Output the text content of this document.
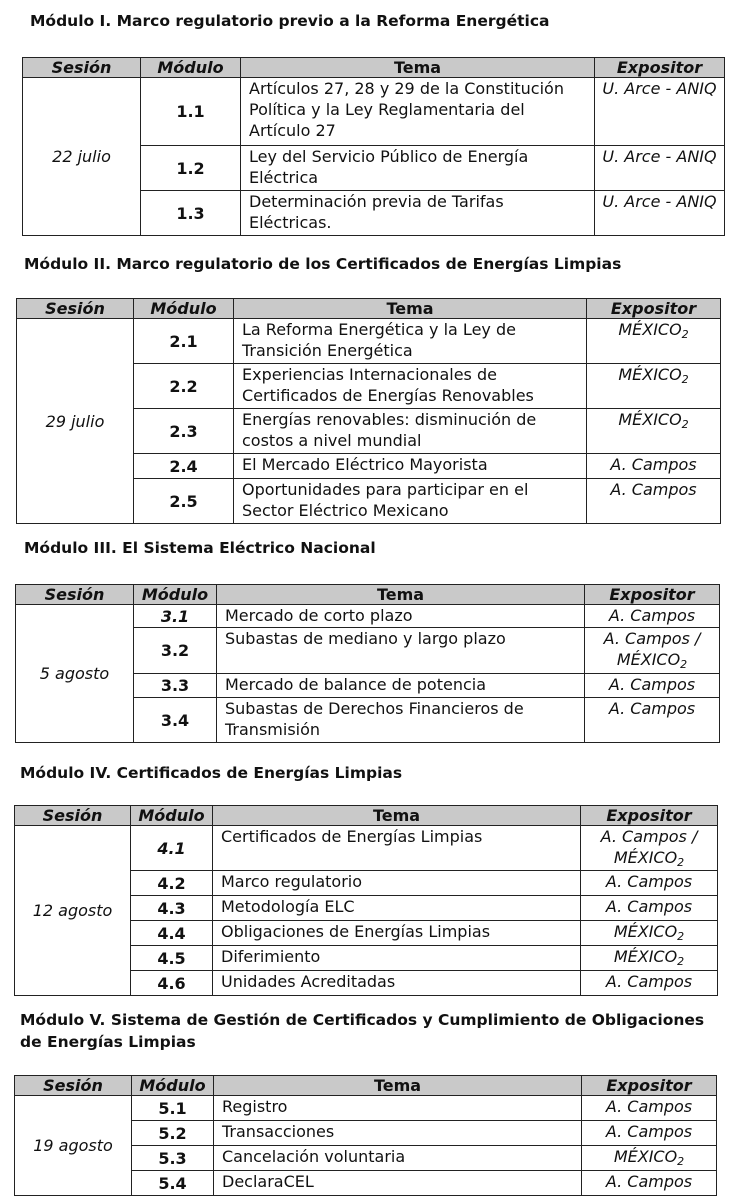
Módulo I. Marco regulatorio previo a la Reforma Energética
Sesión	Módulo	Tema	Expositor
22 julio	1.1	Artículos 27, 28 y 29 de la Constitución Política y la Ley Reglamentaria del Artículo 27	U. Arce - ANIQ
	1.2	Ley del Servicio Público de Energía Eléctrica	U. Arce - ANIQ
	1.3	Determinación previa de Tarifas Eléctricas.	U. Arce - ANIQ
Módulo II. Marco regulatorio de los Certificados de Energías Limpias
Sesión	Módulo	Tema	Expositor
29 julio	2.1	La Reforma Energética y la Ley de Transición Energética	$MÉXICO_2$
	2.2	Experiencias Internacionales de Certificados de Energías Renovables	$MÉXICO_2$
	2.3	Energías renovables: disminución de costos a nivel mundial	$MÉXICO_2$
	2.4	El Mercado Eléctrico Mayorista	A. Campos
	2.5	Oportunidades para participar en el Sector Eléctrico Mexicano	A. Campos
Módulo III. El Sistema Eléctrico Nacional
Sesión	Módulo	Tema	Expositor
5 agosto	3.1	Mercado de corto plazo	A. Campos
	3.2	Subastas de mediano y largo plazo	A. Campos / $MÉXICO_2$
	3.3	Mercado de balance de potencia	A. Campos
	3.4	Subastas de Derechos Financieros de Transmisión	A. Campos
Módulo IV. Certificados de Energías Limpias
Sesión	Módulo	Tema	Expositor
12 agosto	4.1	Certificados de Energías Limpias	A. Campos / $MÉXICO_2$
	4.2	Marco regulatorio	A. Campos
	4.3	Metodología ELC	A. Campos
	4.4	Obligaciones de Energías Limpias	$MÉXICO_2$
	4.5	Diferimiento	$MÉXICO_2$
	4.6	Unidades Acreditadas	A. Campos
Módulo V. Sistema de Gestión de Certificados y Cumplimiento de Obligaciones de Energías Limpias
Sesión	Módulo	Tema	Expositor
19 agosto	5.1	Registro	A. Campos
	5.2	Transacciones	A. Campos
	5.3	Cancelación voluntaria	$MÉXICO_2$
	5.4	DeclaraCEL	A. Campos
